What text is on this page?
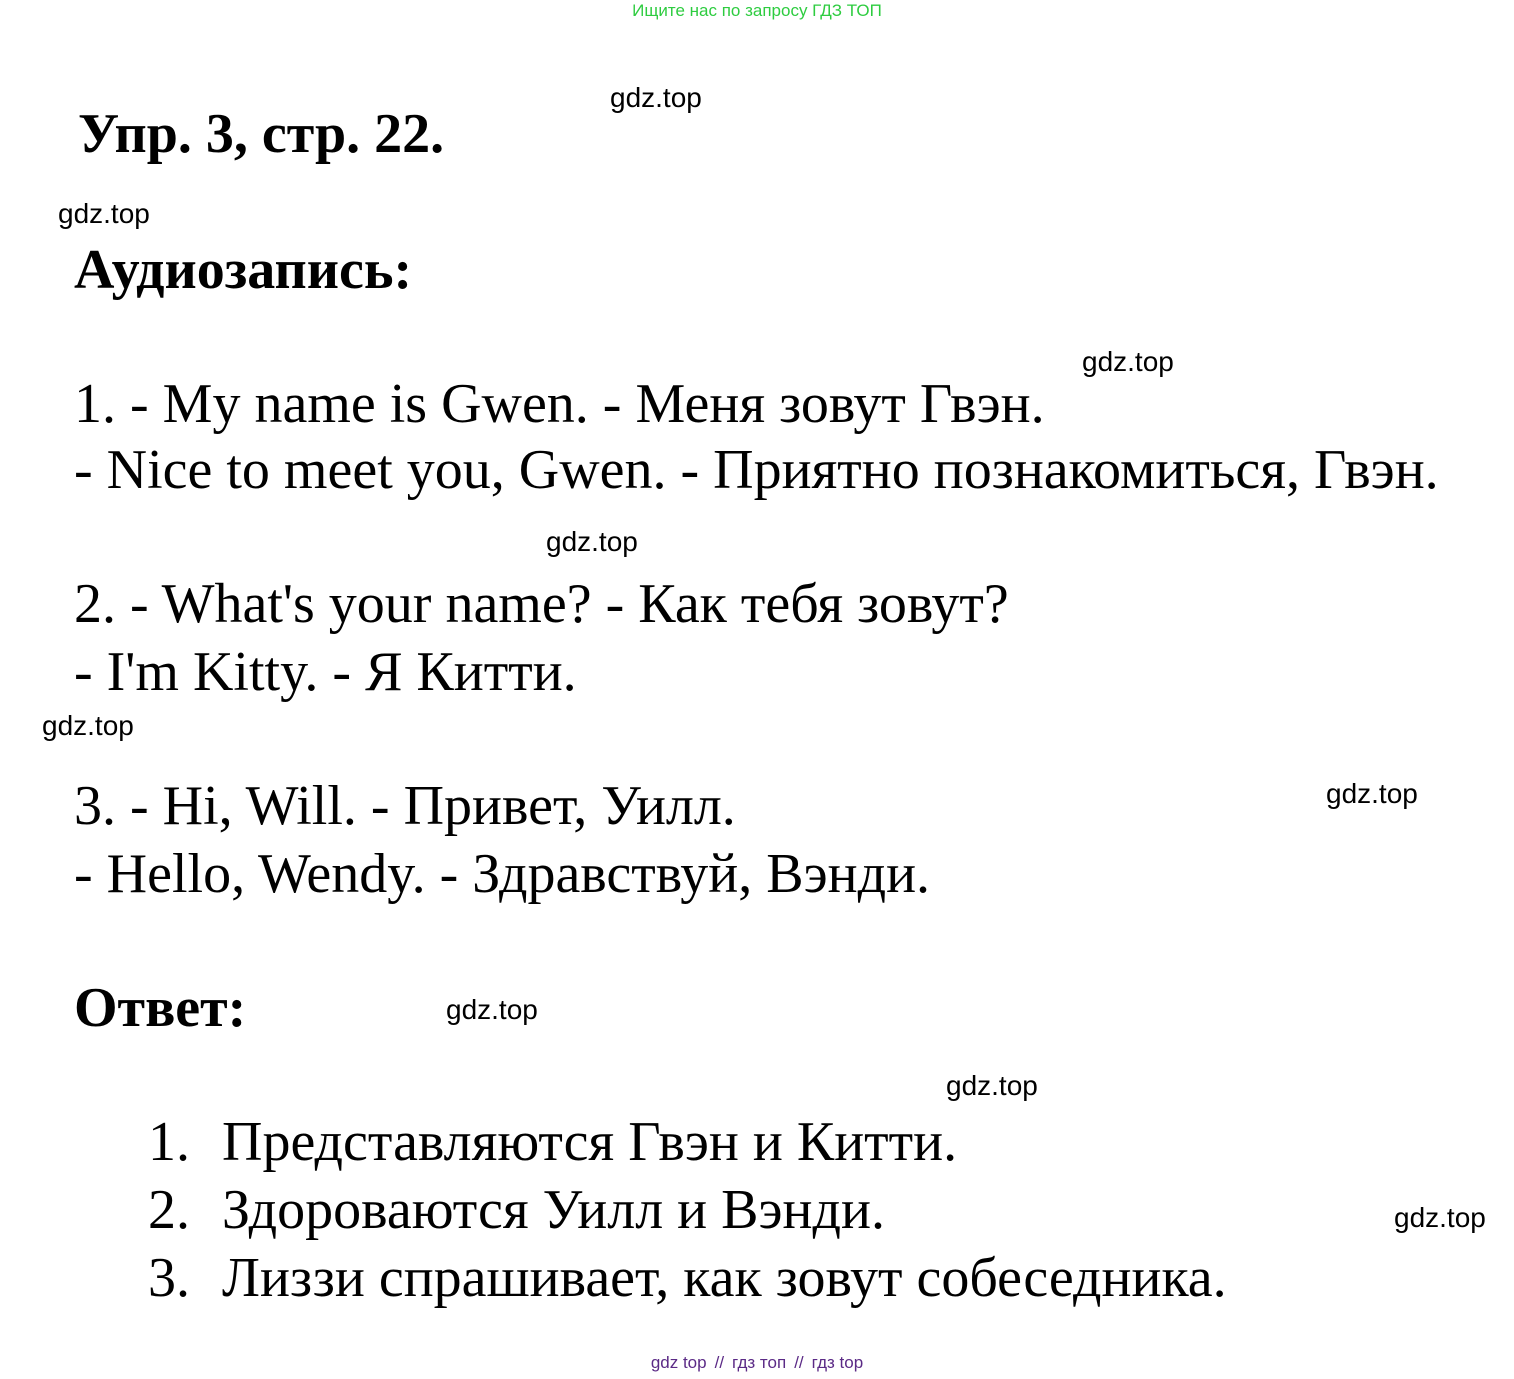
Ищите нас по запросу ГДЗ ТОП
Упр. 3, стр. 22.
Аудиозапись:
1. - My name is Gwen. - Меня зовут Гвэн.
- Nice to meet you, Gwen. - Приятно познакомиться, Гвэн.
2. - What's your name? - Как тебя зовут?
- I'm Kitty. - Я Китти.
3. - Hi, Will. - Привет, Уилл.
- Hello, Wendy. - Здравствуй, Вэнди.
Ответ:
1. Представляются Гвэн и Китти.
2. Здороваются Уилл и Вэнди.
3. Лиззи спрашивает, как зовут собеседника.
gdz.top
gdz.top
gdz.top
gdz.top
gdz.top
gdz.top
gdz.top
gdz.top
gdz.top
gdz top // гдз топ // гдз top
